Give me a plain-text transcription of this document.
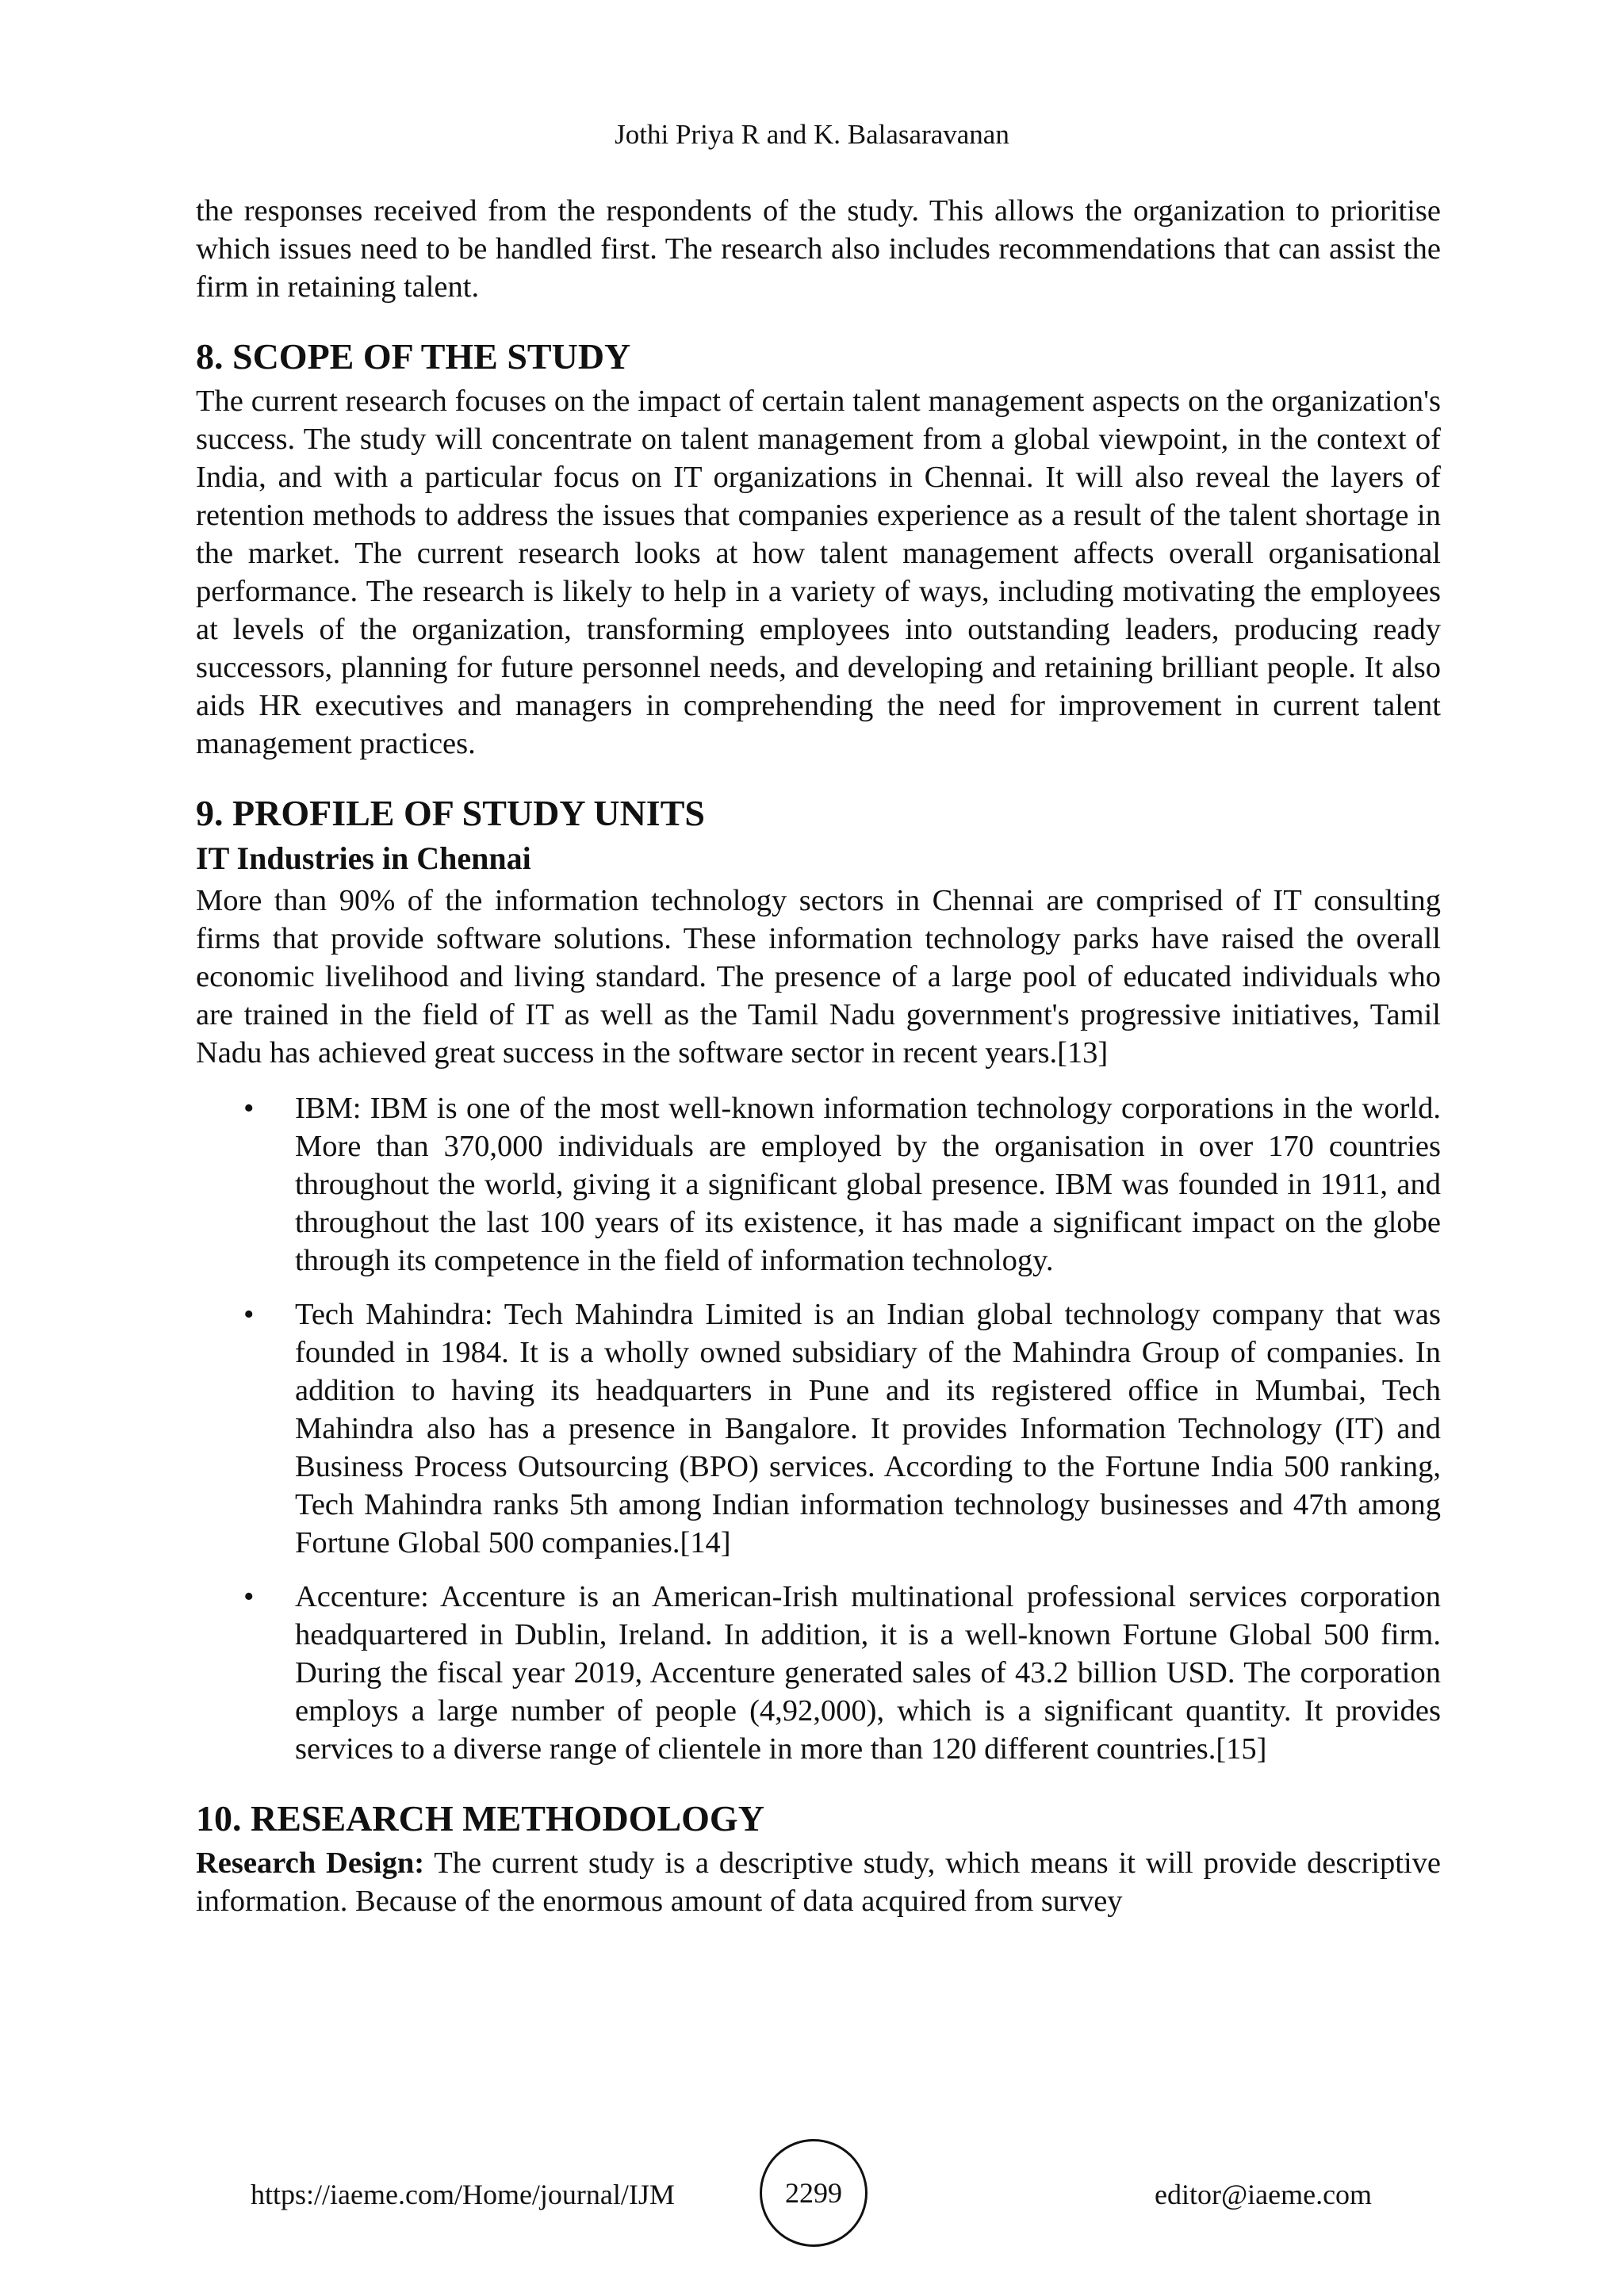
Jothi Priya R and K. Balasaravanan

the responses received from the respondents of the study. This allows the organization to prioritise which issues need to be handled first. The research also includes recommendations that can assist the firm in retaining talent.

8. SCOPE OF THE STUDY

The current research focuses on the impact of certain talent management aspects on the organization's success. The study will concentrate on talent management from a global viewpoint, in the context of India, and with a particular focus on IT organizations in Chennai. It will also reveal the layers of retention methods to address the issues that companies experience as a result of the talent shortage in the market. The current research looks at how talent management affects overall organisational performance. The research is likely to help in a variety of ways, including motivating the employees at levels of the organization, transforming employees into outstanding leaders, producing ready successors, planning for future personnel needs, and developing and retaining brilliant people. It also aids HR executives and managers in comprehending the need for improvement in current talent management practices.

9. PROFILE OF STUDY UNITS
IT Industries in Chennai

More than 90% of the information technology sectors in Chennai are comprised of IT consulting firms that provide software solutions. These information technology parks have raised the overall economic livelihood and living standard. The presence of a large pool of educated individuals who are trained in the field of IT as well as the Tamil Nadu government's progressive initiatives, Tamil Nadu has achieved great success in the software sector in recent years.[13]

• IBM: IBM is one of the most well-known information technology corporations in the world. More than 370,000 individuals are employed by the organisation in over 170 countries throughout the world, giving it a significant global presence. IBM was founded in 1911, and throughout the last 100 years of its existence, it has made a significant impact on the globe through its competence in the field of information technology.

• Tech Mahindra: Tech Mahindra Limited is an Indian global technology company that was founded in 1984. It is a wholly owned subsidiary of the Mahindra Group of companies. In addition to having its headquarters in Pune and its registered office in Mumbai, Tech Mahindra also has a presence in Bangalore. It provides Information Technology (IT) and Business Process Outsourcing (BPO) services. According to the Fortune India 500 ranking, Tech Mahindra ranks 5th among Indian information technology businesses and 47th among Fortune Global 500 companies.[14]

• Accenture: Accenture is an American-Irish multinational professional services corporation headquartered in Dublin, Ireland. In addition, it is a well-known Fortune Global 500 firm. During the fiscal year 2019, Accenture generated sales of 43.2 billion USD. The corporation employs a large number of people (4,92,000), which is a significant quantity. It provides services to a diverse range of clientele in more than 120 different countries.[15]

10. RESEARCH METHODOLOGY

Research Design: The current study is a descriptive study, which means it will provide descriptive information. Because of the enormous amount of data acquired from survey

https://iaeme.com/Home/journal/IJM	2299	editor@iaeme.com
